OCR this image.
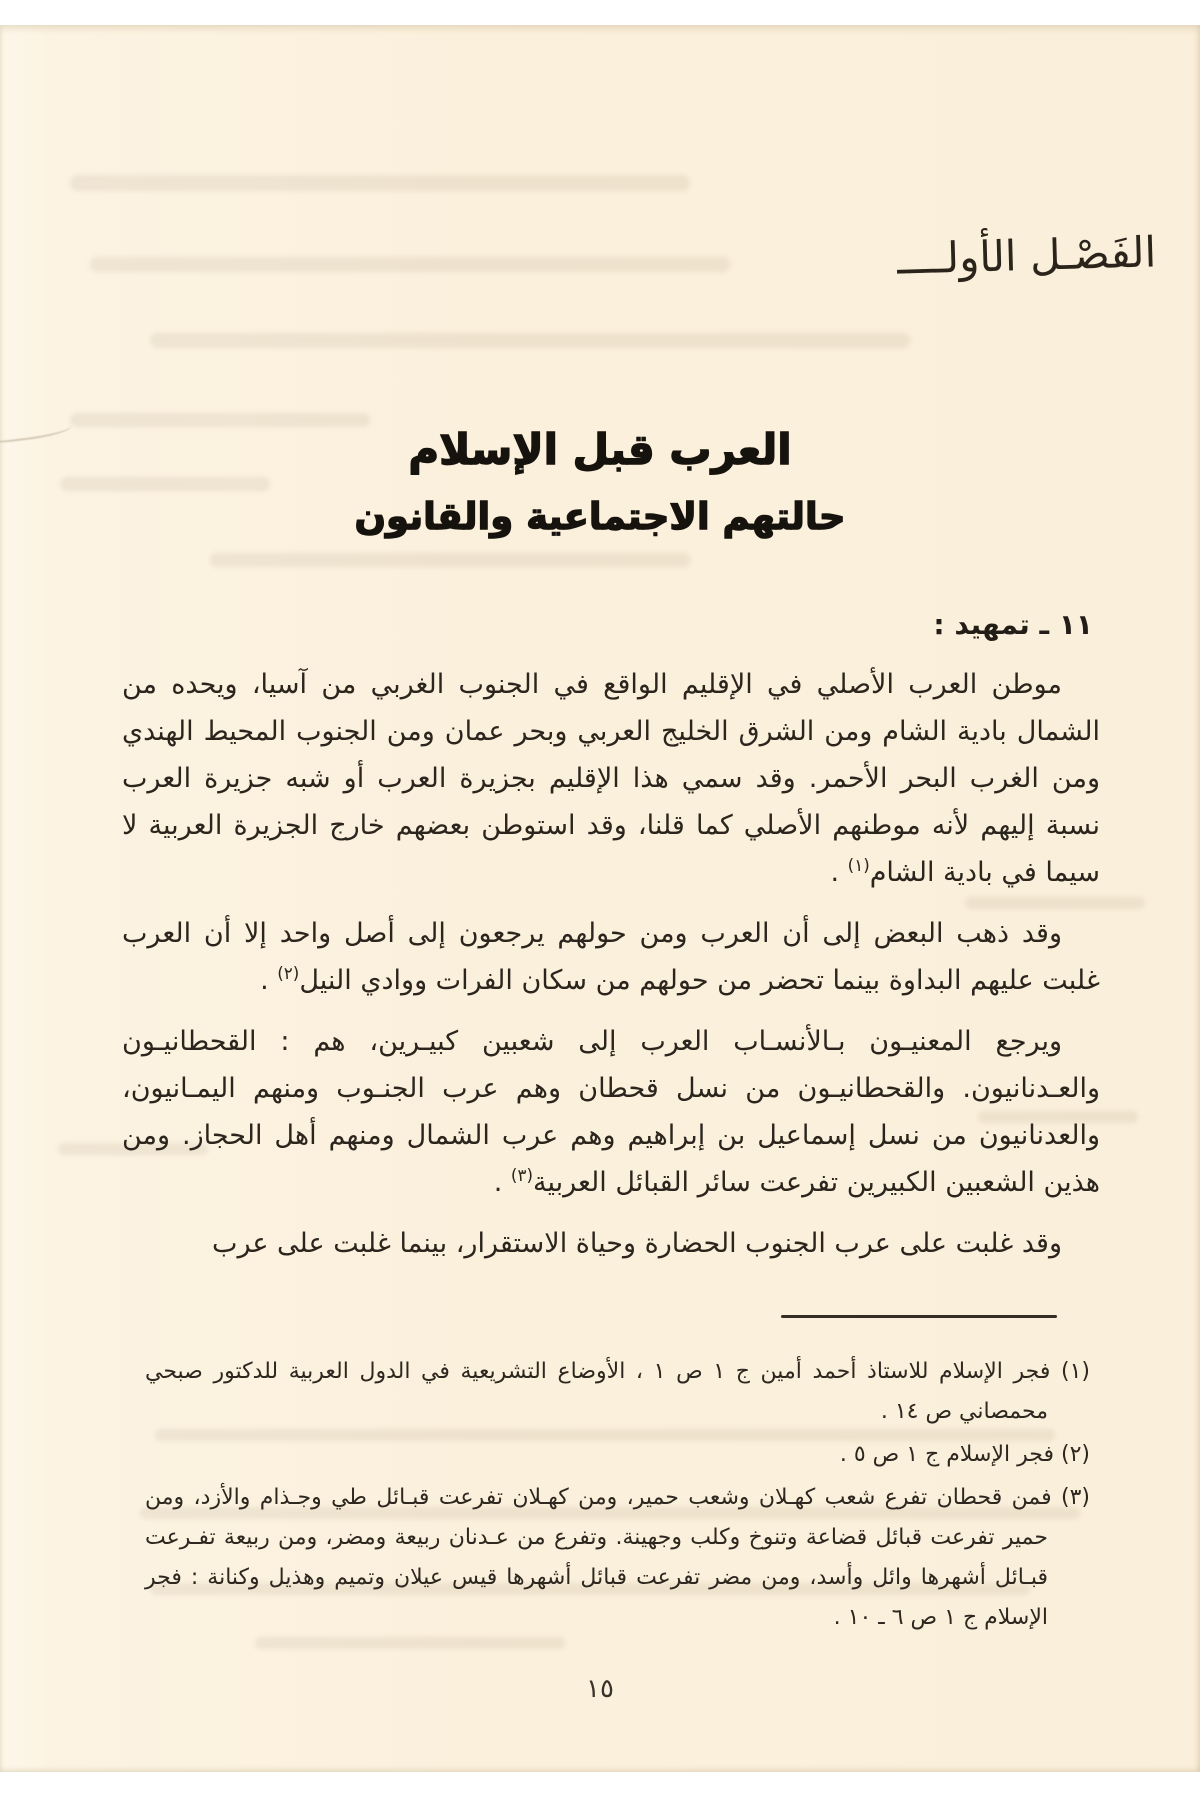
الفَصْـل الأولــــ
العرب قبل الإسلام
حالتهم الاجتماعية والقانون
١١ ـ تمهيد :

موطن العرب الأصلي في الإقليم الواقع في الجنوب الغربي من آسيا، ويحده من الشمال بادية الشام ومن الشرق الخليج العربي وبحر عمان ومن الجنوب المحيط الهندي ومن الغرب البحر الأحمر. وقد سمي هذا الإقليم بجزيرة العرب أو شبه جزيرة العرب نسبة إليهم لأنه موطنهم الأصلي كما قلنا، وقد استوطن بعضهم خارج الجزيرة العربية لا سيما في بادية الشام$^{(١)}$ .

وقد ذهب البعض إلى أن العرب ومن حولهم يرجعون إلى أصل واحد إلا أن العرب غلبت عليهم البداوة بينما تحضر من حولهم من سكان الفرات ووادي النيل$^{(٢)}$ .

ويرجع المعنيـون بـالأنسـاب العرب إلى شعبين كبيـرين، هم : القحطانيـون والعـدنانيون. والقحطانيـون من نسل قحطان وهم عرب الجنـوب ومنهم اليمـانيون، والعدنانيون من نسل إسماعيل بن إبراهيم وهم عرب الشمال ومنهم أهل الحجاز. ومن هذين الشعبين الكبيرين تفرعت سائر القبائل العربية$^{(٣)}$ .

وقد غلبت على عرب الجنوب الحضارة وحياة الاستقرار، بينما غلبت على عرب

(١) فجر الإسلام للاستاذ أحمد أمين ج ١ ص ١ ، الأوضاع التشريعية في الدول العربية للدكتور صبحي محمصاني ص ١٤ .
(٢) فجر الإسلام ج ١ ص ٥ .
(٣) فمن قحطان تفرع شعب كهـلان وشعب حمير، ومن كهـلان تفرعت قبـائل طي وجـذام والأزد، ومن حمير تفرعت قبائل قضاعة وتنوخ وكلب وجهينة. وتفرع من عـدنان ربيعة ومضر، ومن ربيعة تفـرعت قبـائل أشهرها وائل وأسد، ومن مضر تفرعت قبائل أشهرها قيس عيلان وتميم وهذيل وكنانة : فجر الإسلام ج ١ ص ٦ ـ ١٠ .
١٥
